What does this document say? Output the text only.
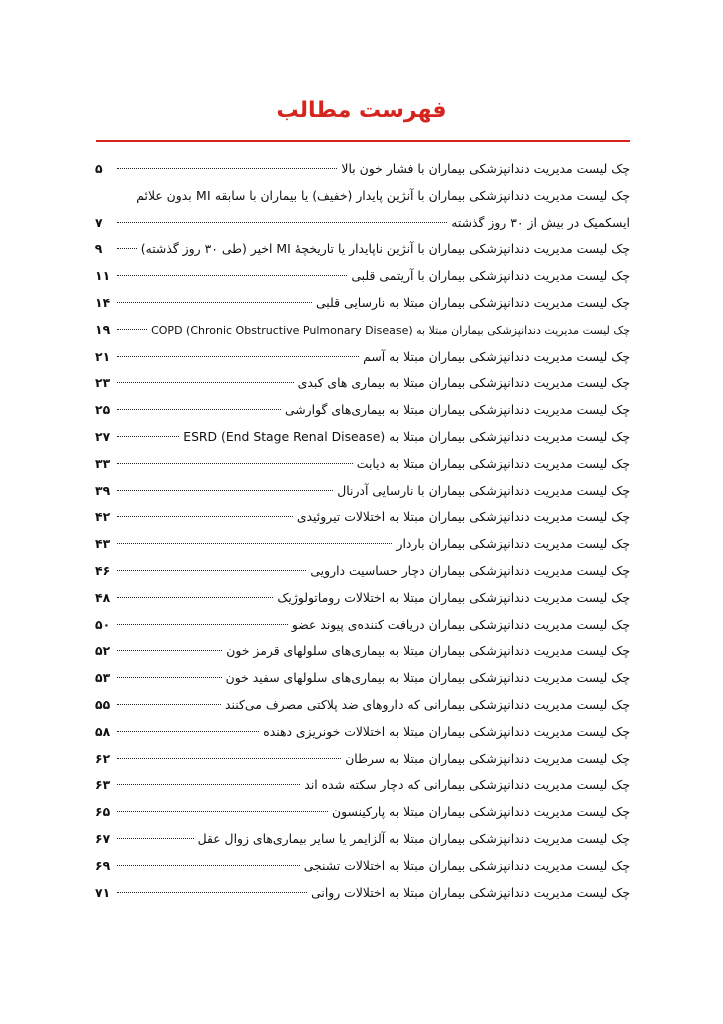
فهرست مطالب
چک لیست مدیریت دندانپزشکی بیماران با فشار خون بالا
۵
چک لیست مدیریت دندانپزشکی بیماران با آنژین پایدار (خفیف) یا بیماران با سابقه MI بدون علائم
ایسکمیک در بیش از ۳۰ روز گذشته
۷
چک لیست مدیریت دندانپزشکی بیماران با آنژین ناپایدار یا تاریخچهٔ MI اخیر (طی ۳۰ روز گذشته)
۹
چک لیست مدیریت دندانپزشکی بیماران با آریتمی قلبی
۱۱
چک لیست مدیریت دندانپزشکی بیماران مبتلا به نارسایی قلبی
۱۴
چک لیست مدیریت دندانپزشکی بیماران مبتلا به COPD (Chronic Obstructive Pulmonary Disease)
۱۹
چک لیست مدیریت دندانپزشکی بیماران مبتلا به آسم
۲۱
چک لیست مدیریت دندانپزشکی بیماران مبتلا به بیماری های کبدی
۲۳
چک لیست مدیریت دندانپزشکی بیماران مبتلا به بیماری‌های گوارشی
۲۵
چک لیست مدیریت دندانپزشکی بیماران مبتلا به ESRD (End Stage Renal Disease)
۲۷
چک لیست مدیریت دندانپزشکی بیماران مبتلا به دیابت
۳۳
چک لیست مدیریت دندانپزشکی بیماران با نارسایی آدرنال
۳۹
چک لیست مدیریت دندانپزشکی بیماران مبتلا به اختلالات تیروئیدی
۴۲
چک لیست مدیریت دندانپزشکی بیماران باردار
۴۳
چک لیست مدیریت دندانپزشکی بیماران دچار حساسیت دارویی
۴۶
چک لیست مدیریت دندانپزشکی بیماران مبتلا به اختلالات روماتولوژیک
۴۸
چک لیست مدیریت دندانپزشکی بیماران دریافت کننده‌ی پیوند عضو
۵۰
چک لیست مدیریت دندانپزشکی بیماران مبتلا به بیماری‌های سلولهای قرمز خون
۵۲
چک لیست مدیریت دندانپزشکی بیماران مبتلا به بیماری‌های سلولهای سفید خون
۵۳
چک لیست مدیریت دندانپزشکی بیمارانی که داروهای ضد پلاکتی مصرف می‌کنند
۵۵
چک لیست مدیریت دندانپزشکی بیماران مبتلا به اختلالات خونریزی دهنده
۵۸
چک لیست مدیریت دندانپزشکی بیماران مبتلا به سرطان
۶۲
چک لیست مدیریت دندانپزشکی بیمارانی که دچار سکته شده اند
۶۳
چک لیست مدیریت دندانپزشکی بیماران مبتلا به پارکینسون
۶۵
چک لیست مدیریت دندانپزشکی بیماران مبتلا به آلزایمر یا سایر بیماری‌های زوال عقل
۶۷
چک لیست مدیریت دندانپزشکی بیماران مبتلا به اختلالات تشنجی
۶۹
چک لیست مدیریت دندانپزشکی بیماران مبتلا به اختلالات روانی
۷۱
